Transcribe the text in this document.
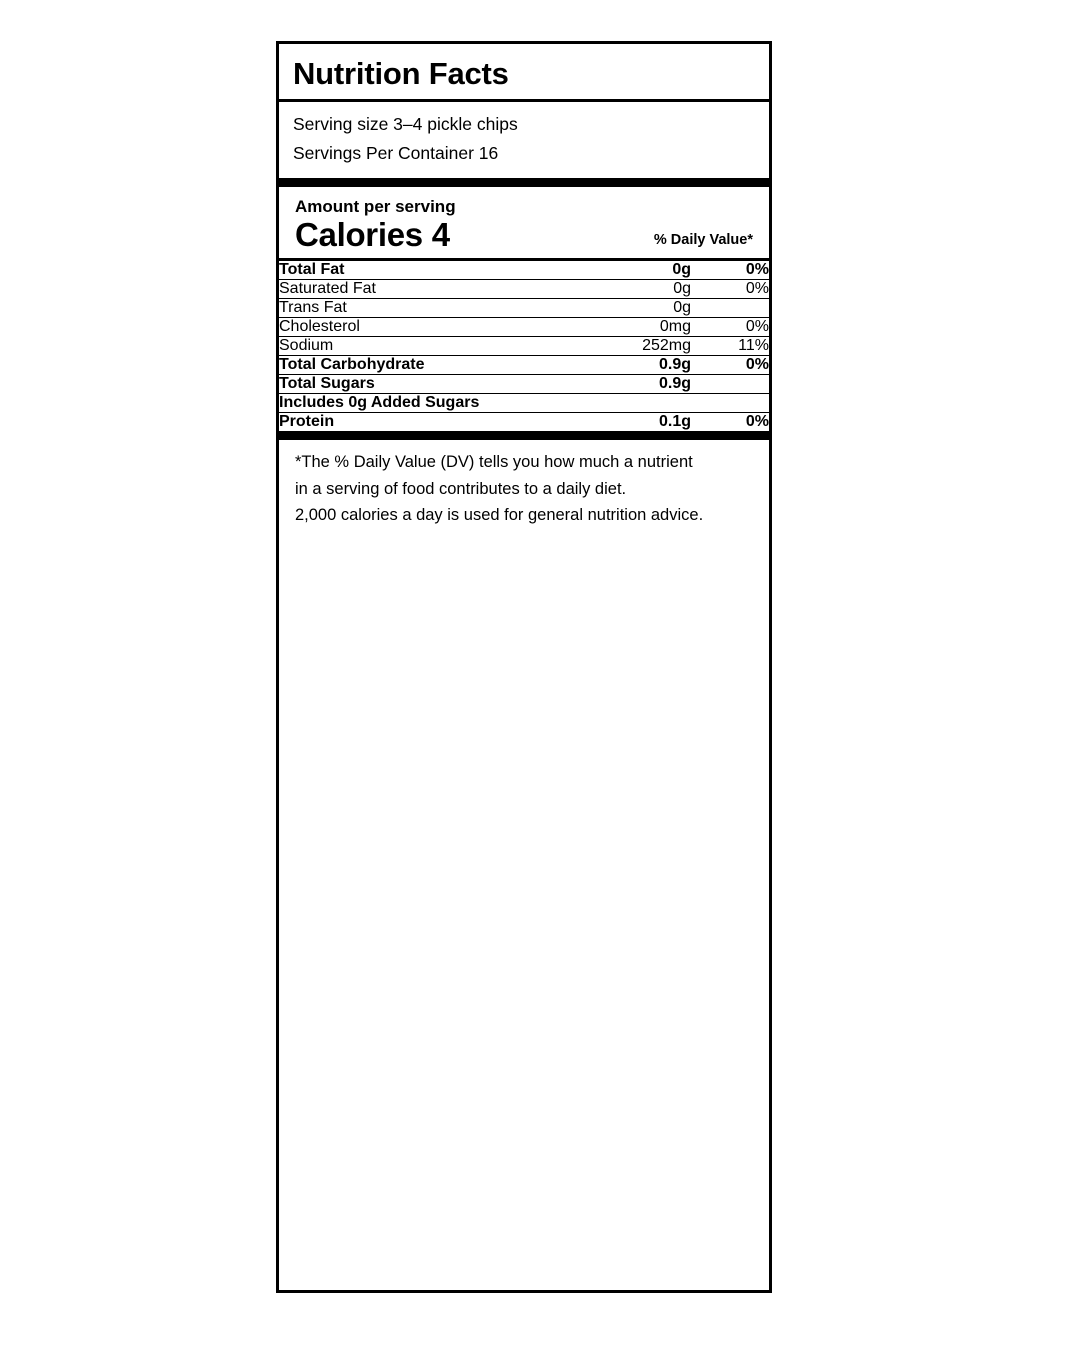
Nutrition Facts
Serving size 3–4 pickle chips
Servings Per Container 16
Amount per serving
Calories 4	% Daily Value*
Total Fat	0g	0%
Saturated Fat	0g	0%
Trans Fat	0g	
Cholesterol	0mg	0%
Sodium	252mg	11%
Total Carbohydrate	0.9g	0%
Total Sugars	0.9g	
Includes 0g Added Sugars		
Protein	0.1g	0%

*The % Daily Value (DV) tells you how much a nutrient

in a serving of food contributes to a daily diet.

2,000 calories a day is used for general nutrition advice.
